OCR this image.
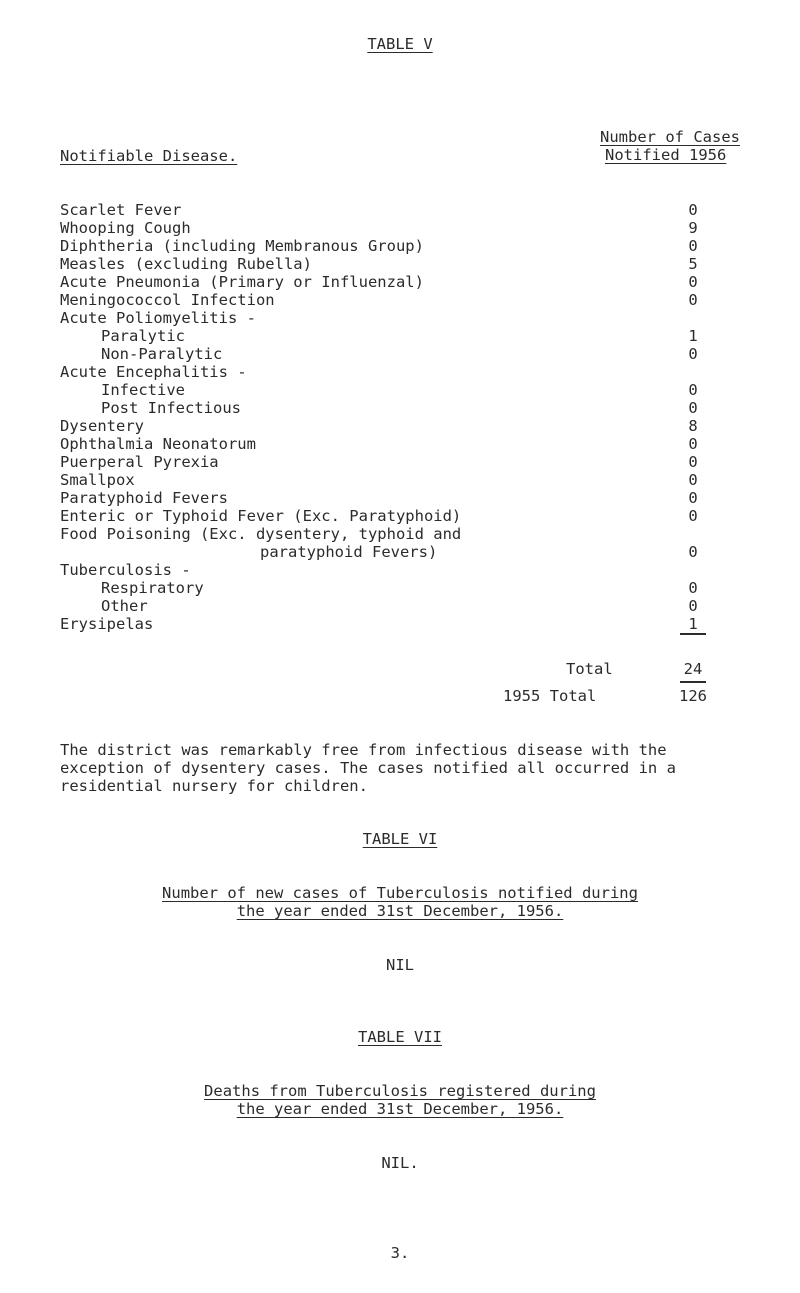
TABLE V
Notifiable Disease.
Number of Cases
Notified 1956
Scarlet Fever	0
Whooping Cough	9
Diphtheria (including Membranous Group)	0
Measles (excluding Rubella)	5
Acute Pneumonia (Primary or Influenzal)	0
Meningococcol Infection	0
Acute Poliomyelitis -
Paralytic	1
Non-Paralytic	0
Acute Encephalitis -
Infective	0
Post Infectious	0
Dysentery	8
Ophthalmia Neonatorum	0
Puerperal Pyrexia	0
Smallpox	0
Paratyphoid Fevers	0
Enteric or Typhoid Fever (Exc. Paratyphoid)	0
Food Poisoning (Exc. dysentery, typhoid and
paratyphoid Fevers)	0
Tuberculosis -
Respiratory	0
Other	0
Erysipelas	1
Total	24
1955 Total	126
The district was remarkably free from infectious disease with the exception of dysentery cases. The cases notified all occurred in a residential nursery for children.
TABLE VI
Number of new cases of Tuberculosis notified during
the year ended 31st December, 1956.
NIL
TABLE VII
Deaths from Tuberculosis registered during
the year ended 31st December, 1956.
NIL.
3.
